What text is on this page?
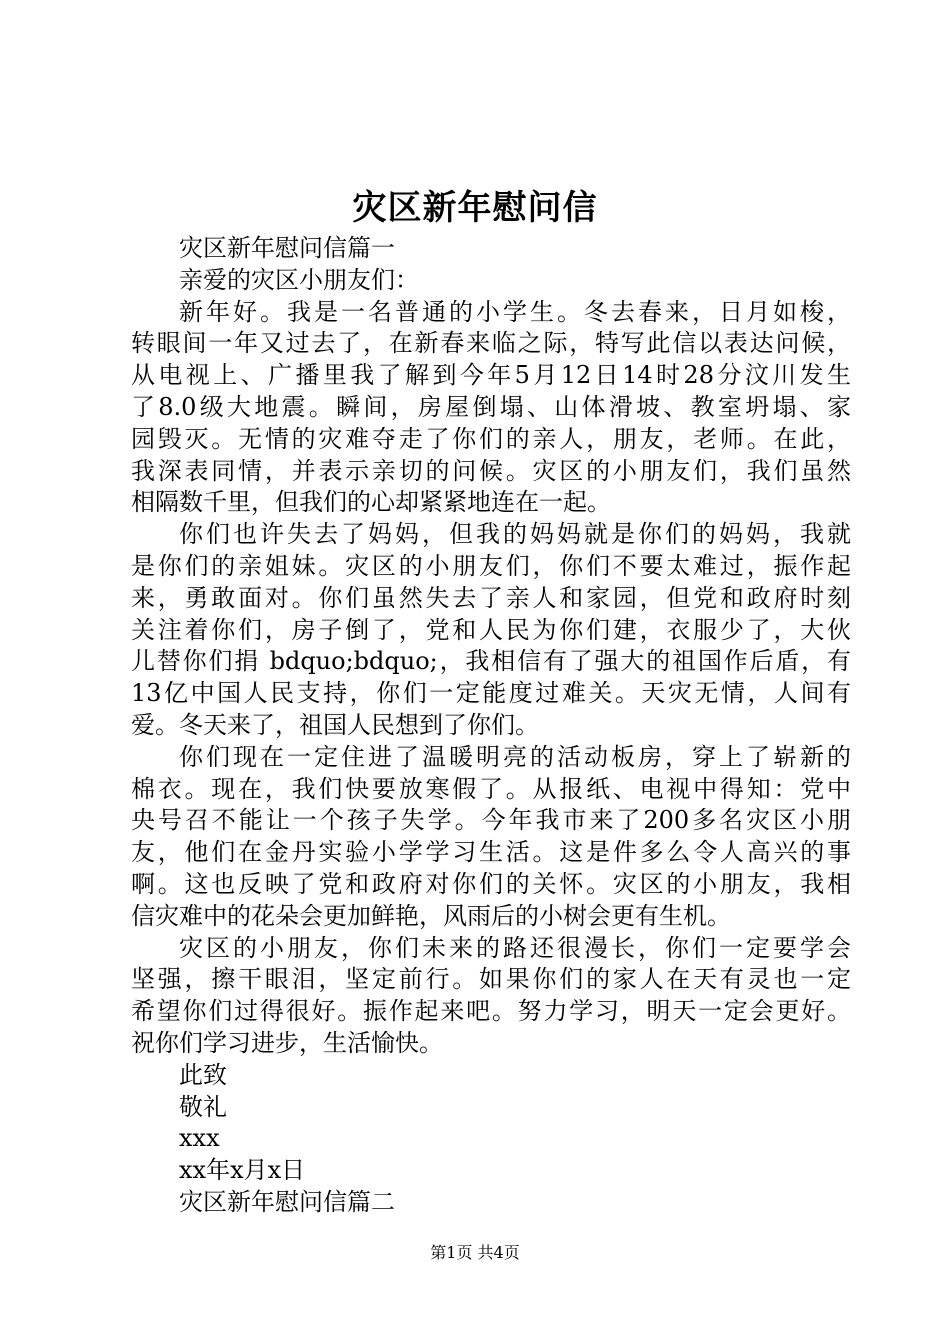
灾区新年慰问信
灾区新年慰问信篇一
亲爱的灾区小朋友们：
新年好。我是一名普通的小学生。冬去春来，日月如梭，
转眼间一年又过去了，在新春来临之际，特写此信以表达问候，
从电视上、广播里我了解到今年5月12日14时28分汶川发生
了8.0级大地震。瞬间，房屋倒塌、山体滑坡、教室坍塌、家
园毁灭。无情的灾难夺走了你们的亲人，朋友，老师。在此，
我深表同情，并表示亲切的问候。灾区的小朋友们，我们虽然
相隔数千里，但我们的心却紧紧地连在一起。
你们也许失去了妈妈，但我的妈妈就是你们的妈妈，我就
是你们的亲姐妹。灾区的小朋友们，你们不要太难过，振作起
来，勇敢面对。你们虽然失去了亲人和家园，但党和政府时刻
关注着你们，房子倒了，党和人民为你们建，衣服少了，大伙
儿替你们捐 bdquo;bdquo;，我相信有了强大的祖国作后盾，有
13亿中国人民支持，你们一定能度过难关。天灾无情，人间有
爱。冬天来了，祖国人民想到了你们。
你们现在一定住进了温暖明亮的活动板房，穿上了崭新的
棉衣。现在，我们快要放寒假了。从报纸、电视中得知：党中
央号召不能让一个孩子失学。今年我市来了200多名灾区小朋
友，他们在金丹实验小学学习生活。这是件多么令人高兴的事
啊。这也反映了党和政府对你们的关怀。灾区的小朋友，我相
信灾难中的花朵会更加鲜艳，风雨后的小树会更有生机。
灾区的小朋友，你们未来的路还很漫长，你们一定要学会
坚强，擦干眼泪，坚定前行。如果你们的家人在天有灵也一定
希望你们过得很好。振作起来吧。努力学习，明天一定会更好。
祝你们学习进步，生活愉快。
此致
敬礼
xxx
xx年x月x日
灾区新年慰问信篇二
第1页 共4页
